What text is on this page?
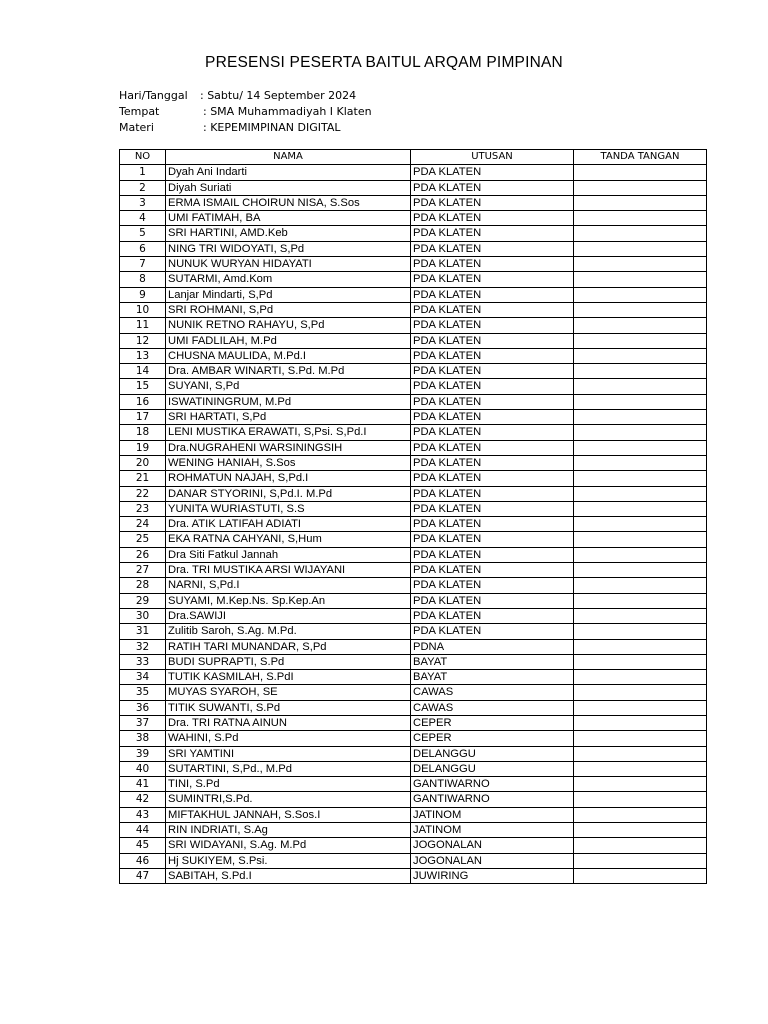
PRESENSI PESERTA BAITUL ARQAM PIMPINAN
Hari/Tanggal : Sabtu/ 14 September 2024
Tempat	: SMA Muhammadiyah I Klaten
Materi	: KEPEMIMPINAN DIGITAL
NO	NAMA	UTUSAN	TANDA TANGAN
1	Dyah Ani Indarti	PDA KLATEN	
2	Diyah Suriati	PDA KLATEN	
3	ERMA ISMAIL CHOIRUN NISA, S.Sos	PDA KLATEN	
4	UMI FATIMAH, BA	PDA KLATEN	
5	SRI HARTINI, AMD.Keb	PDA KLATEN	
6	NING TRI WIDOYATI, S,Pd	PDA KLATEN	
7	NUNUK WURYAN HIDAYATI	PDA KLATEN	
8	SUTARMI, Amd.Kom	PDA KLATEN	
9	Lanjar Mindarti, S,Pd	PDA KLATEN	
10	SRI ROHMANI, S,Pd	PDA KLATEN	
11	NUNIK RETNO RAHAYU, S,Pd	PDA KLATEN	
12	UMI FADLILAH, M.Pd	PDA KLATEN	
13	CHUSNA MAULIDA, M.Pd.I	PDA KLATEN	
14	Dra. AMBAR WINARTI, S.Pd. M.Pd	PDA KLATEN	
15	SUYANI, S,Pd	PDA KLATEN	
16	ISWATININGRUM, M.Pd	PDA KLATEN	
17	SRI HARTATI, S,Pd	PDA KLATEN	
18	LENI MUSTIKA ERAWATI, S,Psi. S,Pd.I	PDA KLATEN	
19	Dra.NUGRAHENI WARSININGSIH	PDA KLATEN	
20	WENING HANIAH, S.Sos	PDA KLATEN	
21	ROHMATUN NAJAH, S,Pd.I	PDA KLATEN	
22	DANAR STYORINI, S,Pd.I. M.Pd	PDA KLATEN	
23	YUNITA WURIASTUTI, S.S	PDA KLATEN	
24	Dra. ATIK LATIFAH ADIATI	PDA KLATEN	
25	EKA RATNA CAHYANI, S,Hum	PDA KLATEN	
26	Dra Siti Fatkul Jannah	PDA KLATEN	
27	Dra. TRI MUSTIKA ARSI WIJAYANI	PDA KLATEN	
28	NARNI, S,Pd.I	PDA KLATEN	
29	SUYAMI, M.Kep.Ns. Sp.Kep.An	PDA KLATEN	
30	Dra.SAWIJI	PDA KLATEN	
31	Zulitib Saroh, S.Ag. M.Pd.	PDA KLATEN	
32	RATIH TARI MUNANDAR, S,Pd	PDNA	
33	BUDI SUPRAPTI, S.Pd	BAYAT	
34	TUTIK KASMILAH, S.PdI	BAYAT	
35	MUYAS SYAROH, SE	CAWAS	
36	TITIK SUWANTI, S.Pd	CAWAS	
37	Dra. TRI RATNA AINUN	CEPER	
38	WAHINI, S.Pd	CEPER	
39	SRI YAMTINI	DELANGGU	
40	SUTARTINI, S,Pd., M.Pd	DELANGGU	
41	TINI, S.Pd	GANTIWARNO	
42	SUMINTRI,S.Pd.	GANTIWARNO	
43	MIFTAKHUL JANNAH, S.Sos.I	JATINOM	
44	RIN INDRIATI, S.Ag	JATINOM	
45	SRI WIDAYANI, S.Ag. M.Pd	JOGONALAN	
46	Hj SUKIYEM, S.Psi.	JOGONALAN	
47	SABITAH, S.Pd.I	JUWIRING	
